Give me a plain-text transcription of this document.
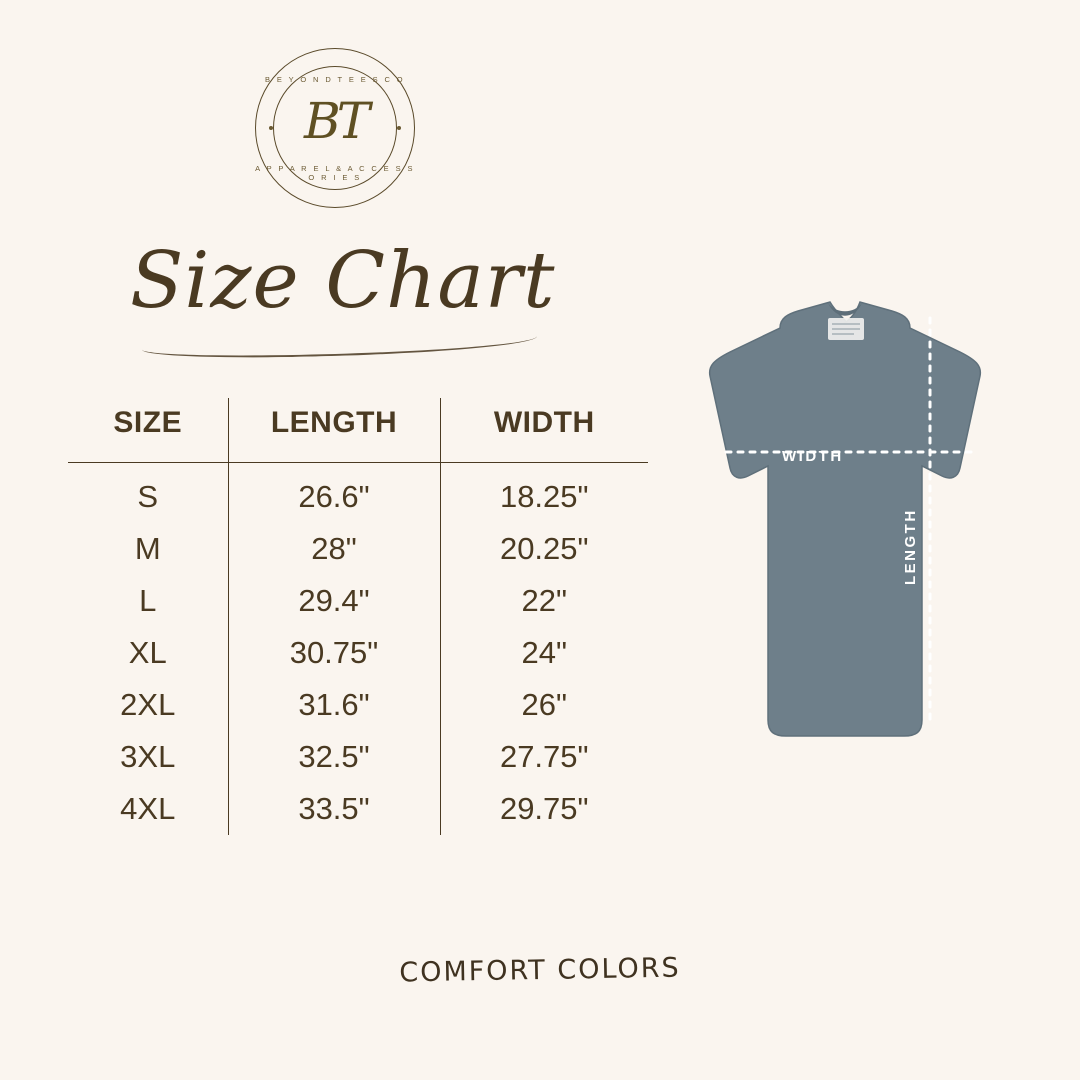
B E Y O N D T E E S C O
BT
A P P A R E L & A C C E S S O R I E S
Size Chart
SIZE	LENGTH	WIDTH
S	26.6"	18.25"
M	28"	20.25"
L	29.4"	22"
XL	30.75"	24"
2XL	31.6"	26"
3XL	32.5"	27.75"
4XL	33.5"	29.75"
WIDTH
LENGTH
COMFORT COLORS
